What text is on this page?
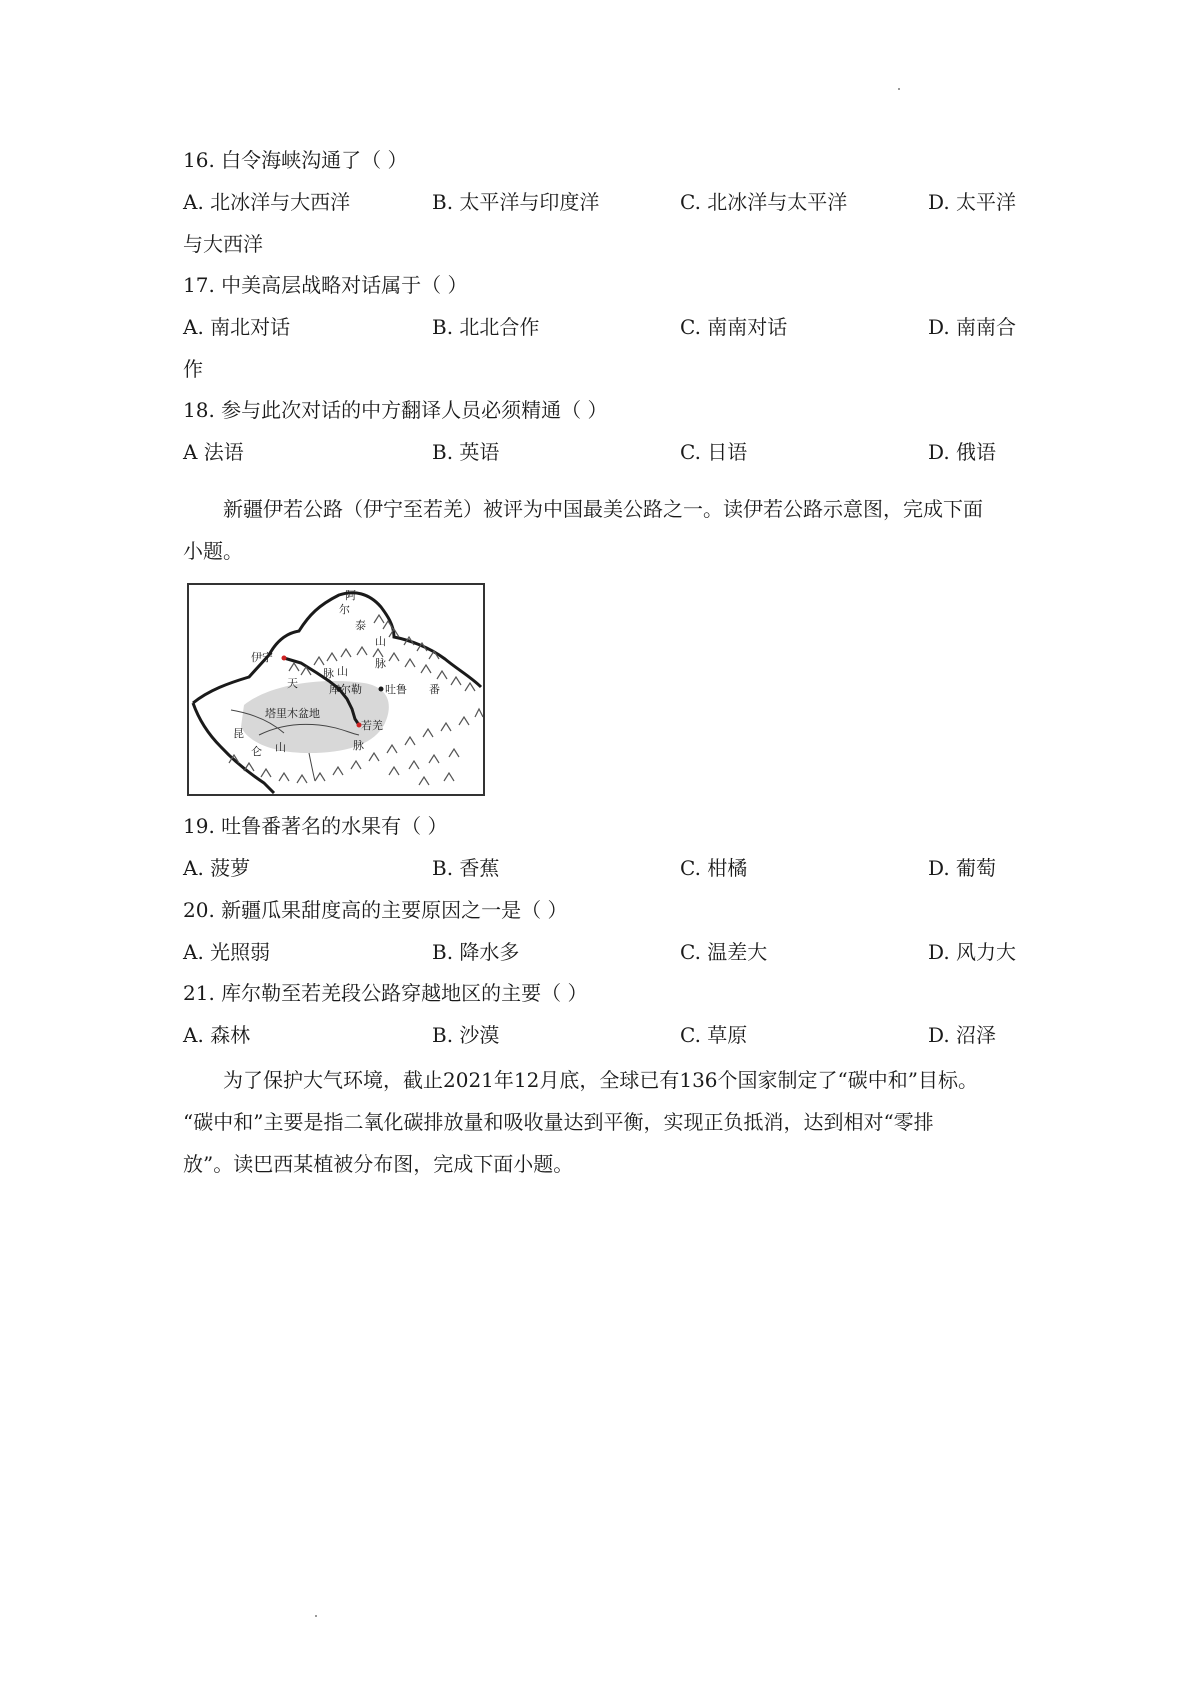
16. 白令海峡沟通了（ ）
A. 北冰洋与大西洋	B. 太平洋与印度洋	C. 北冰洋与太平洋	D. 太平洋
与大西洋
17. 中美高层战略对话属于（ ）
A. 南北对话	B. 北北合作	C. 南南对话	D. 南南合
作
18. 参与此次对话的中方翻译人员必须精通（ ）
A 法语	B. 英语	C. 日语	D. 俄语
新疆伊若公路（伊宁至若羌）被评为中国最美公路之一。读伊若公路示意图，完成下面
小题。
阿
尔
泰
山
脉
伊宁
天
山
脉
库尔勒 吐鲁 番
塔里木盆地
若羌
昆
仑 山	脉
19. 吐鲁番著名的水果有（ ）
A. 菠萝	B. 香蕉	C. 柑橘	D. 葡萄
20. 新疆瓜果甜度高的主要原因之一是（ ）
A. 光照弱	B. 降水多	C. 温差大	D. 风力大
21. 库尔勒至若羌段公路穿越地区的主要（ ）
A. 森林	B. 沙漠	C. 草原	D. 沼泽
为了保护大气环境，截止2021年12月底，全球已有136个国家制定了“碳中和”目标。
“碳中和”主要是指二氧化碳排放量和吸收量达到平衡，实现正负抵消，达到相对“零排
放”。读巴西某植被分布图，完成下面小题。
